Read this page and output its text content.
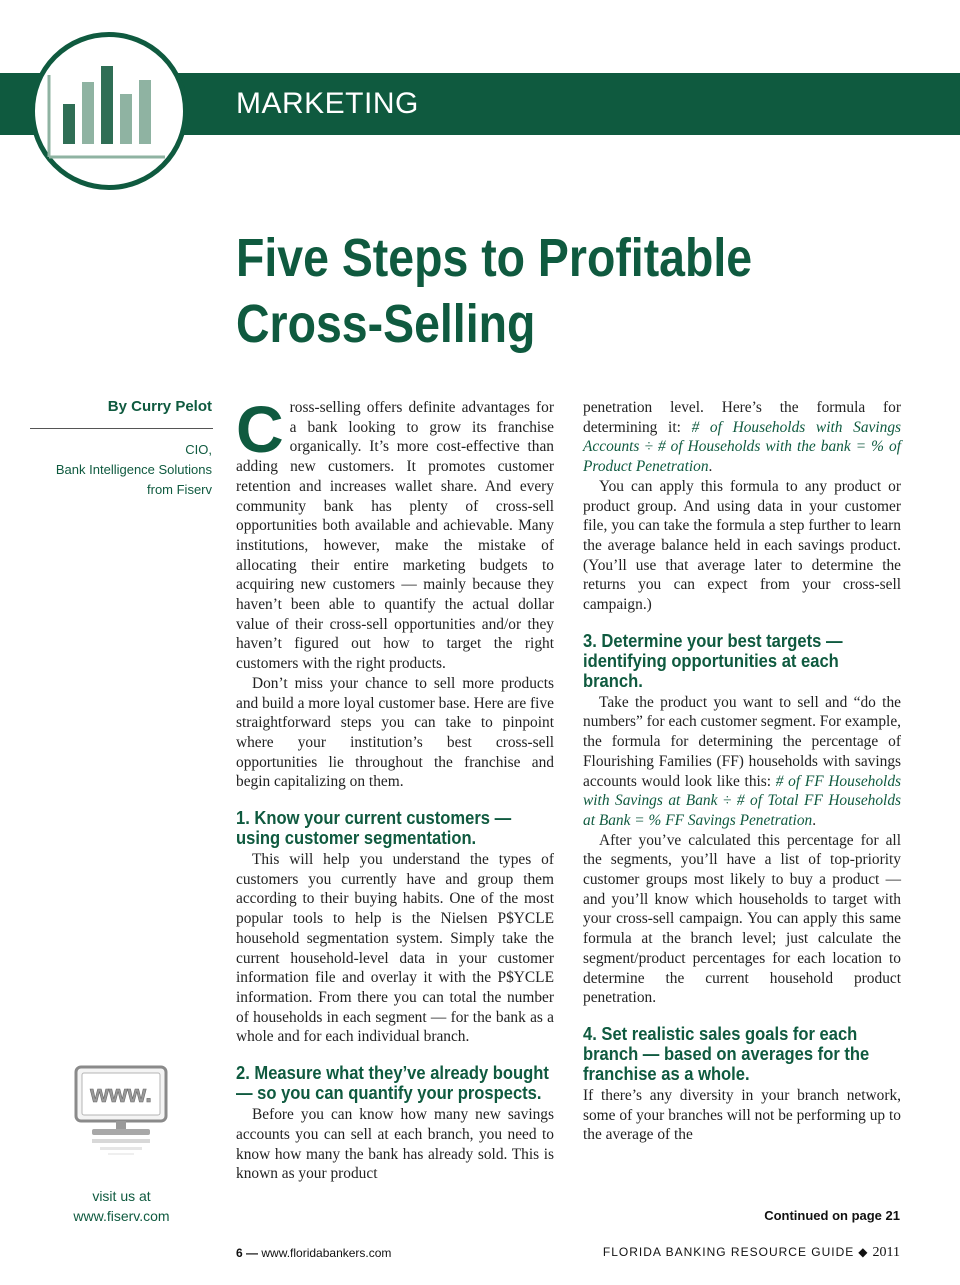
MARKETING
Five Steps to Profitable
Cross-Selling
By Curry Pelot
CIO,
Bank Intelligence Solutions
from Fiserv
www.
visit us at
www.fiserv.com

Cross-selling offers definite advantages for a bank looking to grow its franchise organically. It’s more cost-effective than adding new customers. It promotes customer retention and increases wallet share. And every community bank has plenty of cross-sell opportunities both available and achievable. Many institutions, however, make the mistake of allocating their entire marketing budgets to acquiring new customers — mainly because they haven’t been able to quantify the actual dollar value of their cross-sell opportunities and/or they haven’t figured out how to target the right customers with the right products.

Don’t miss your chance to sell more products and build a more loyal customer base. Here are five straightforward steps you can take to pinpoint where your institution’s best cross-sell opportunities lie throughout the franchise and begin capitalizing on them.

1. Know your current customers — using customer segmentation.

This will help you understand the types of customers you currently have and group them according to their buying habits. One of the most popular tools to help is the Nielsen P$YCLE household segmentation system. Simply take the current household-level data in your customer information file and overlay it with the P$YCLE information. From there you can total the number of households in each segment — for the bank as a whole and for each individual branch.

2. Measure what they’ve already bought — so you can quantify your prospects.

Before you can know how many new savings accounts you can sell at each branch, you need to know how many the bank has already sold. This is known as your product

penetration level. Here’s the formula for determining it: # of Households with Savings Accounts ÷ # of Households with the bank = % of Product Penetration.

You can apply this formula to any product or product group. And using data in your customer file, you can take the formula a step further to learn the average balance held in each savings product. (You’ll use that average later to determine the returns you can expect from your cross-sell campaign.)

3. Determine your best targets — identifying opportunities at each branch.

Take the product you want to sell and “do the numbers” for each customer segment. For example, the formula for determining the percentage of Flourishing Families (FF) households with savings accounts would look like this: # of FF Households with Savings at Bank ÷ # of Total FF Households at Bank = % FF Savings Penetration.

After you’ve calculated this percentage for all the segments, you’ll have a list of top-priority customer groups most likely to buy a product — and you’ll know which households to target with your cross-sell campaign. You can apply this same formula at the branch level; just calculate the segment/product percentages for each location to determine the current household product penetration.

4. Set realistic sales goals for each branch — based on averages for the franchise as a whole.

If there’s any diversity in your branch network, some of your branches will not be performing up to the average of the

Continued on page 21
6 — www.floridabankers.com	FLORIDA BANKING RESOURCE GUIDE ◆ 2011
